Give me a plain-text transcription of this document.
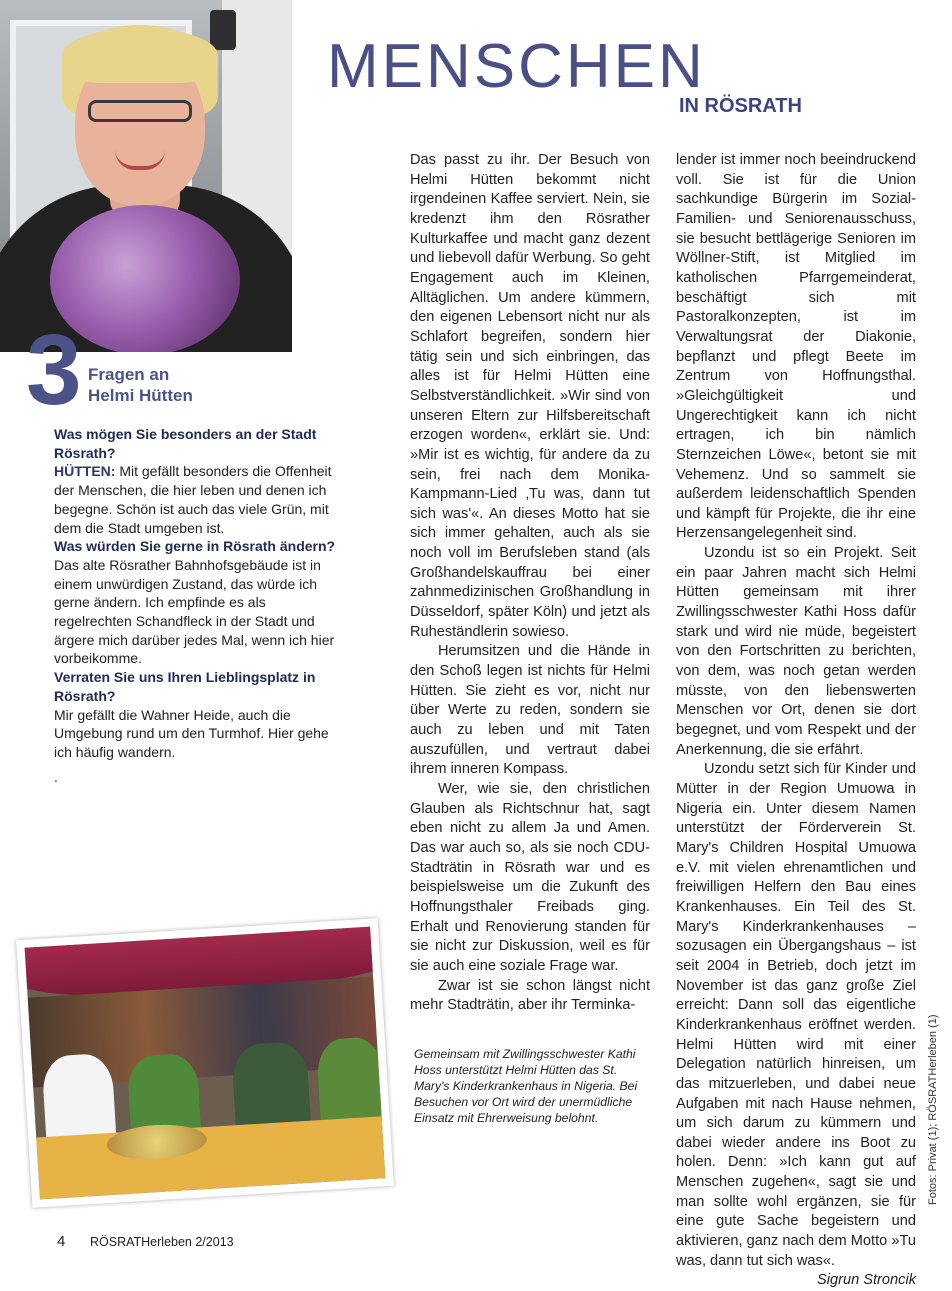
MENSCHEN
IN RÖSRATH
3 Fragen an
Helmi Hütten

Was mögen Sie besonders an der Stadt Rösrath?

HÜTTEN: Mit gefällt besonders die Offenheit der Menschen, die hier leben und denen ich begegne. Schön ist auch das viele Grün, mit dem die Stadt umgeben ist.

Was würden Sie gerne in Rösrath ändern?

Das alte Rösrather Bahnhofsgebäude ist in einem unwürdigen Zustand, das würde ich gerne ändern. Ich empfinde es als regelrechten Schandfleck in der Stadt und ärgere mich darüber jedes Mal, wenn ich hier vorbeikomme.

Verraten Sie uns Ihren Lieblingsplatz in Rösrath?

Mir gefällt die Wahner Heide, auch die Umgebung rund um den Turmhof. Hier gehe ich häufig wandern.

.

Das passt zu ihr. Der Besuch von Helmi Hütten bekommt nicht irgendeinen Kaffee serviert. Nein, sie kredenzt ihm den Rösrather Kulturkaffee und macht ganz dezent und liebevoll dafür Werbung. So geht Engagement auch im Kleinen, Alltäglichen. Um andere kümmern, den eigenen Lebensort nicht nur als Schlafort begreifen, sondern hier tätig sein und sich einbringen, das alles ist für Helmi Hütten eine Selbstverständlichkeit. »Wir sind von unseren Eltern zur Hilfsbereitschaft erzogen worden«, erklärt sie. Und: »Mir ist es wichtig, für andere da zu sein, frei nach dem Monika-Kampmann-Lied ‚Tu was, dann tut sich was'«. An dieses Motto hat sie sich immer gehalten, auch als sie noch voll im Berufsleben stand (als Großhandelskauffrau bei einer zahnmedizinischen Großhandlung in Düsseldorf, später Köln) und jetzt als Ruheständlerin sowieso.

Herumsitzen und die Hände in den Schoß legen ist nichts für Helmi Hütten. Sie zieht es vor, nicht nur über Werte zu reden, sondern sie auch zu leben und mit Taten auszufüllen, und vertraut dabei ihrem inneren Kompass.

Wer, wie sie, den christlichen Glauben als Richtschnur hat, sagt eben nicht zu allem Ja und Amen. Das war auch so, als sie noch CDU-Stadträtin in Rösrath war und es beispielsweise um die Zukunft des Hoffnungsthaler Freibads ging. Erhalt und Renovierung standen für sie nicht zur Diskussion, weil es für sie auch eine soziale Frage war.

Zwar ist sie schon längst nicht mehr Stadträtin, aber ihr Terminka-

lender ist immer noch beeindruckend voll. Sie ist für die Union sachkundige Bürgerin im Sozial- Familien- und Seniorenausschuss, sie besucht bettlägerige Senioren im Wöllner-Stift, ist Mitglied im katholischen Pfarrgemeinderat, beschäftigt sich mit Pastoralkonzepten, ist im Verwaltungsrat der Diakonie, bepflanzt und pflegt Beete im Zentrum von Hoffnungsthal. »Gleichgültigkeit und Ungerechtigkeit kann ich nicht ertragen, ich bin nämlich Sternzeichen Löwe«, betont sie mit Vehemenz. Und so sammelt sie außerdem leidenschaftlich Spenden und kämpft für Projekte, die ihr eine Herzensangelegenheit sind.

Uzondu ist so ein Projekt. Seit ein paar Jahren macht sich Helmi Hütten gemeinsam mit ihrer Zwillingsschwester Kathi Hoss dafür stark und wird nie müde, begeistert von den Fortschritten zu berichten, von dem, was noch getan werden müsste, von den liebenswerten Menschen vor Ort, denen sie dort begegnet, und vom Respekt und der Anerkennung, die sie erfährt.

Uzondu setzt sich für Kinder und Mütter in der Region Umuowa in Nigeria ein. Unter diesem Namen unterstützt der Förderverein St. Mary's Children Hospital Umuowa e.V. mit vielen ehrenamtlichen und freiwilligen Helfern den Bau eines Krankenhauses. Ein Teil des St. Mary's Kinderkrankenhauses – sozusagen ein Übergangshaus – ist seit 2004 in Betrieb, doch jetzt im November ist das ganz große Ziel erreicht: Dann soll das eigentliche Kinderkrankenhaus eröffnet werden. Helmi Hütten wird mit einer Delegation natürlich hinreisen, um das mitzuerleben, und dabei neue Aufgaben mit nach Hause nehmen, um sich darum zu kümmern und dabei wieder andere ins Boot zu holen. Denn: »Ich kann gut auf Menschen zugehen«, sagt sie und man sollte wohl ergänzen, sie für eine gute Sache begeistern und aktivieren, ganz nach dem Motto »Tu was, dann tut sich was«.

Sigrun Stroncik

Gemeinsam mit Zwillingsschwester Kathi Hoss unterstützt Helmi Hütten das St. Mary's Kinderkrankenhaus in Nigeria. Bei Besuchen vor Ort wird der unermüdliche Einsatz mit Ehrerweisung belohnt.
4 RÖSRATHerleben 2/2013
Fotos: Privat (1); RÖSRATHerleben (1)
